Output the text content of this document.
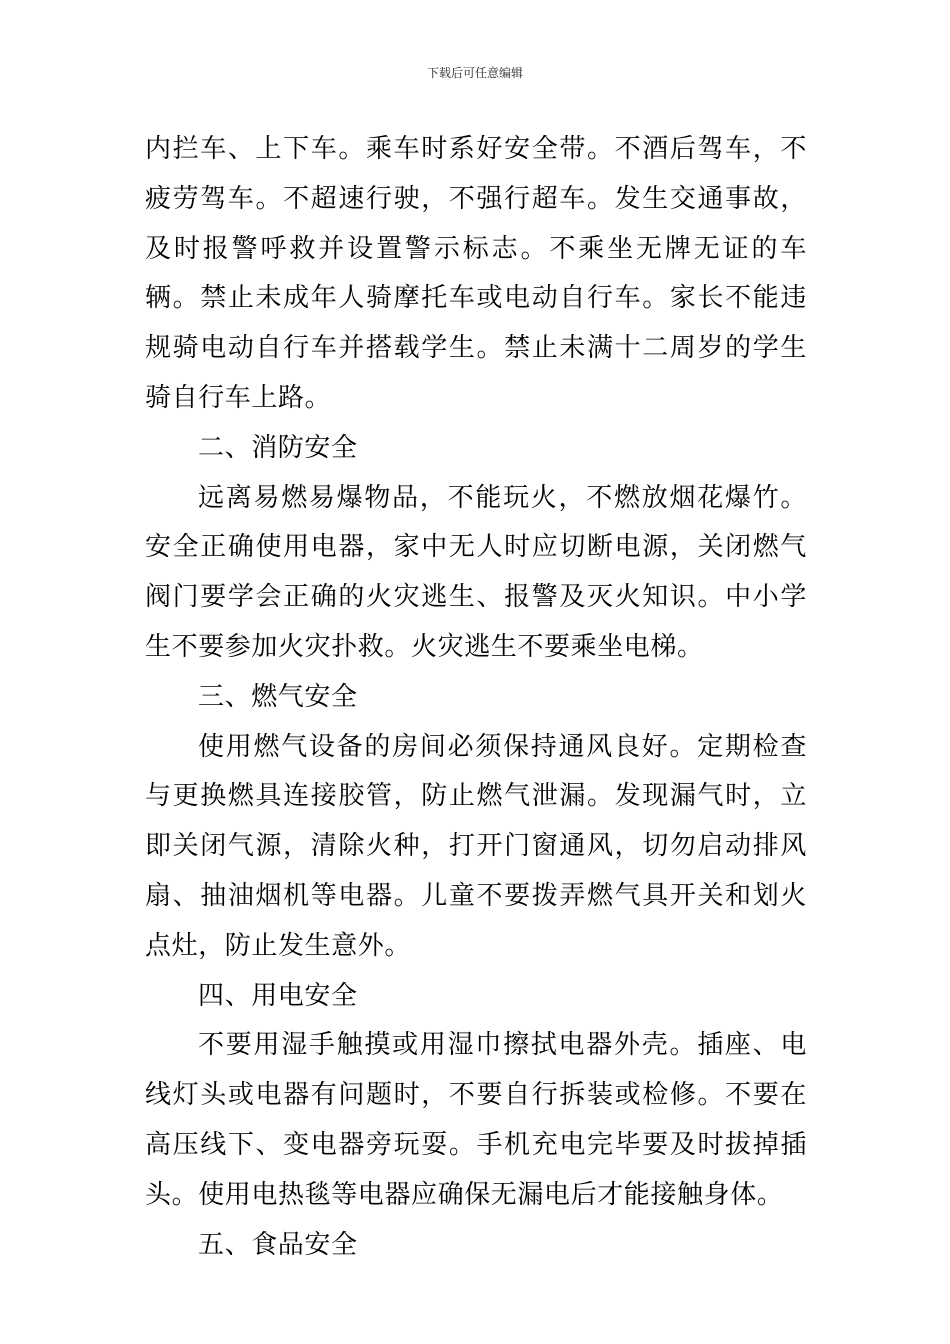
下载后可任意编辑

内拦车、上下车。乘车时系好安全带。不酒后驾车，不疲劳驾车。不超速行驶，不强行超车。发生交通事故，及时报警呼救并设置警示标志。不乘坐无牌无证的车辆。禁止未成年人骑摩托车或电动自行车。家长不能违规骑电动自行车并搭载学生。禁止未满十二周岁的学生骑自行车上路。

二、消防安全

远离易燃易爆物品，不能玩火，不燃放烟花爆竹。安全正确使用电器，家中无人时应切断电源，关闭燃气阀门要学会正确的火灾逃生、报警及灭火知识。中小学生不要参加火灾扑救。火灾逃生不要乘坐电梯。

三、燃气安全

使用燃气设备的房间必须保持通风良好。定期检查与更换燃具连接胶管，防止燃气泄漏。发现漏气时，立即关闭气源，清除火种，打开门窗通风，切勿启动排风扇、抽油烟机等电器。儿童不要拨弄燃气具开关和划火点灶，防止发生意外。

四、用电安全

不要用湿手触摸或用湿巾擦拭电器外壳。插座、电线灯头或电器有问题时，不要自行拆装或检修。不要在高压线下、变电器旁玩耍。手机充电完毕要及时拔掉插头。使用电热毯等电器应确保无漏电后才能接触身体。

五、食品安全
